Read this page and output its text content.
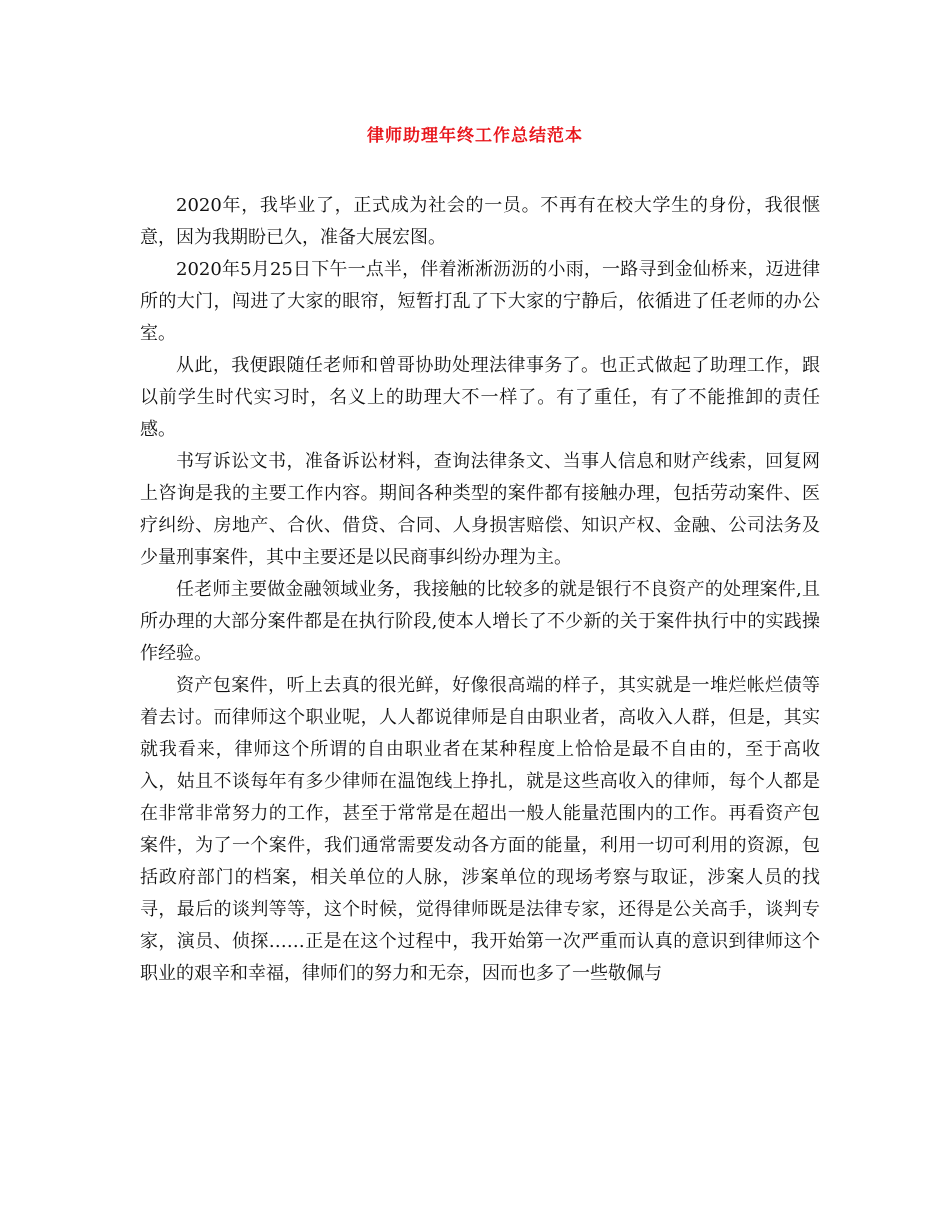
律师助理年终工作总结范本

2020年，我毕业了，正式成为社会的一员。不再有在校大学生的身份，我很惬意，因为我期盼已久，准备大展宏图。

2020年5月25日下午一点半，伴着淅淅沥沥的小雨，一路寻到金仙桥来，迈进律所的大门，闯进了大家的眼帘，短暂打乱了下大家的宁静后，依循进了任老师的办公室。

从此，我便跟随任老师和曾哥协助处理法律事务了。也正式做起了助理工作，跟以前学生时代实习时，名义上的助理大不一样了。有了重任，有了不能推卸的责任感。

书写诉讼文书，准备诉讼材料，查询法律条文、当事人信息和财产线索，回复网上咨询是我的主要工作内容。期间各种类型的案件都有接触办理，包括劳动案件、医疗纠纷、房地产、合伙、借贷、合同、人身损害赔偿、知识产权、金融、公司法务及少量刑事案件，其中主要还是以民商事纠纷办理为主。

任老师主要做金融领域业务，我接触的比较多的就是银行不良资产的处理案件,且所办理的大部分案件都是在执行阶段,使本人增长了不少新的关于案件执行中的实践操作经验。

资产包案件，听上去真的很光鲜，好像很高端的样子，其实就是一堆烂帐烂债等着去讨。而律师这个职业呢，人人都说律师是自由职业者，高收入人群，但是，其实就我看来，律师这个所谓的自由职业者在某种程度上恰恰是最不自由的，至于高收入，姑且不谈每年有多少律师在温饱线上挣扎，就是这些高收入的律师，每个人都是在非常非常努力的工作，甚至于常常是在超出一般人能量范围内的工作。再看资产包案件，为了一个案件，我们通常需要发动各方面的能量，利用一切可利用的资源，包括政府部门的档案，相关单位的人脉，涉案单位的现场考察与取证，涉案人员的找寻，最后的谈判等等，这个时候，觉得律师既是法律专家，还得是公关高手，谈判专家，演员、侦探……正是在这个过程中，我开始第一次严重而认真的意识到律师这个职业的艰辛和幸福，律师们的努力和无奈，因而也多了一些敬佩与
